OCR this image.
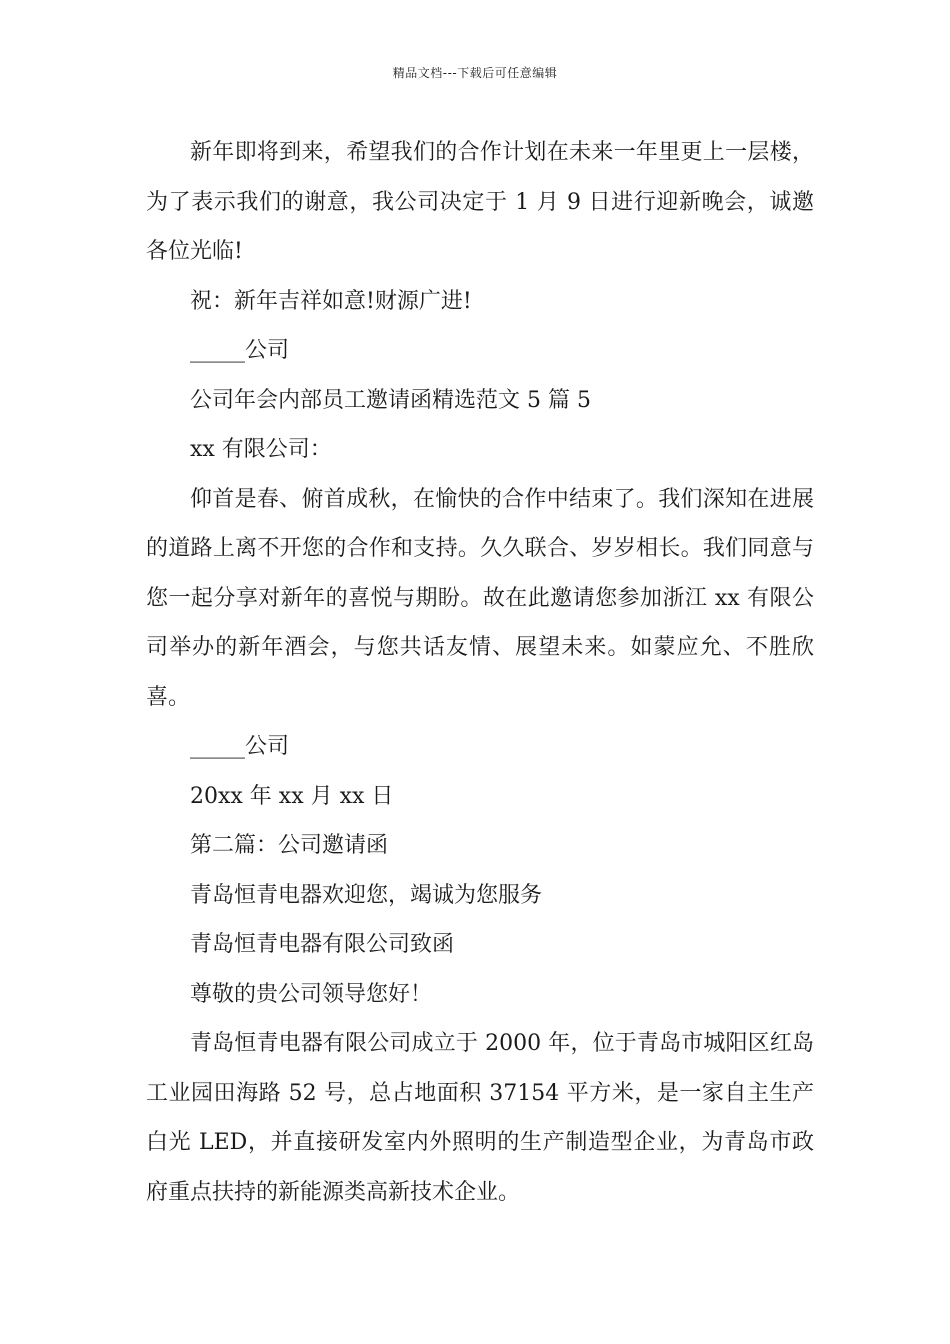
精品文档---下载后可任意编辑

新年即将到来，希望我们的合作计划在未来一年里更上一层楼，为了表示我们的谢意，我公司决定于 1 月 9 日进行迎新晚会，诚邀各位光临!

祝：新年吉祥如意!财源广进!

_____公司

公司年会内部员工邀请函精选范文 5 篇 5

xx 有限公司：

仰首是春、俯首成秋，在愉快的合作中结束了。我们深知在进展的道路上离不开您的合作和支持。久久联合、岁岁相长。我们同意与您一起分享对新年的喜悦与期盼。故在此邀请您参加浙江 xx 有限公司举办的新年酒会，与您共话友情、展望未来。如蒙应允、不胜欣喜。

_____公司

20xx 年 xx 月 xx 日

第二篇：公司邀请函

青岛恒青电器欢迎您，竭诚为您服务

青岛恒青电器有限公司致函

尊敬的贵公司领导您好！

青岛恒青电器有限公司成立于 2000 年，位于青岛市城阳区红岛工业园田海路 52 号，总占地面积 37154 平方米，是一家自主生产白光 LED，并直接研发室内外照明的生产制造型企业，为青岛市政府重点扶持的新能源类高新技术企业。
